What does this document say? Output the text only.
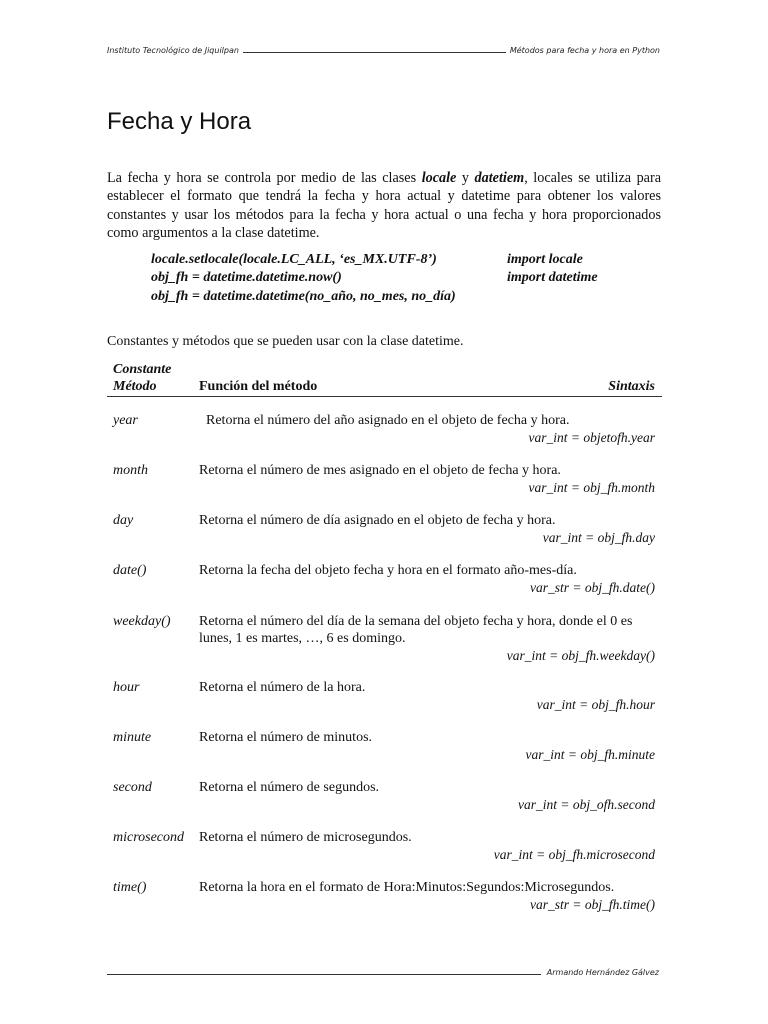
Instituto Tecnológico de Jiquilpan	Métodos para fecha y hora en Python
Fecha y Hora
La fecha y hora se controla por medio de las clases locale y datetiem, locales se utiliza para establecer el formato que tendrá la fecha y hora actual y datetime para obtener los valores constantes y usar los métodos para la fecha y hora actual o una fecha y hora proporcionados como argumentos a la clase datetime.
locale.setlocale(locale.LC_ALL, ‘es_MX.UTF-8’)
obj_fh = datetime.datetime.now()
obj_fh = datetime.datetime(no_año, no_mes, no_día)
import locale
import datetime
Constantes y métodos que se pueden usar con la clase datetime.
Constante
Método	Función del método	Sintaxis
year	Retorna el número del año asignado en el objeto de fecha y hora.
var_int = objetofh.year
month	Retorna el número de mes asignado en el objeto de fecha y hora.
var_int = obj_fh.month
day	Retorna el número de día asignado en el objeto de fecha y hora.
var_int = obj_fh.day
date()	Retorna la fecha del objeto fecha y hora en el formato año-mes-día.
var_str = obj_fh.date()
weekday() Retorna el número del día de la semana del objeto fecha y hora, donde el 0 es lunes, 1 es martes, …, 6 es domingo.
var_int = obj_fh.weekday()
hour	Retorna el número de la hora.
var_int = obj_fh.hour
minute	Retorna el número de minutos.
var_int = obj_fh.minute
second	Retorna el número de segundos.
var_int = obj_ofh.second
microsecond Retorna el número de microsegundos.
var_int = obj_fh.microsecond
time()	Retorna la hora en el formato de Hora:Minutos:Segundos:Microsegundos.
var_str = obj_fh.time()
Armando Hernández Gálvez
